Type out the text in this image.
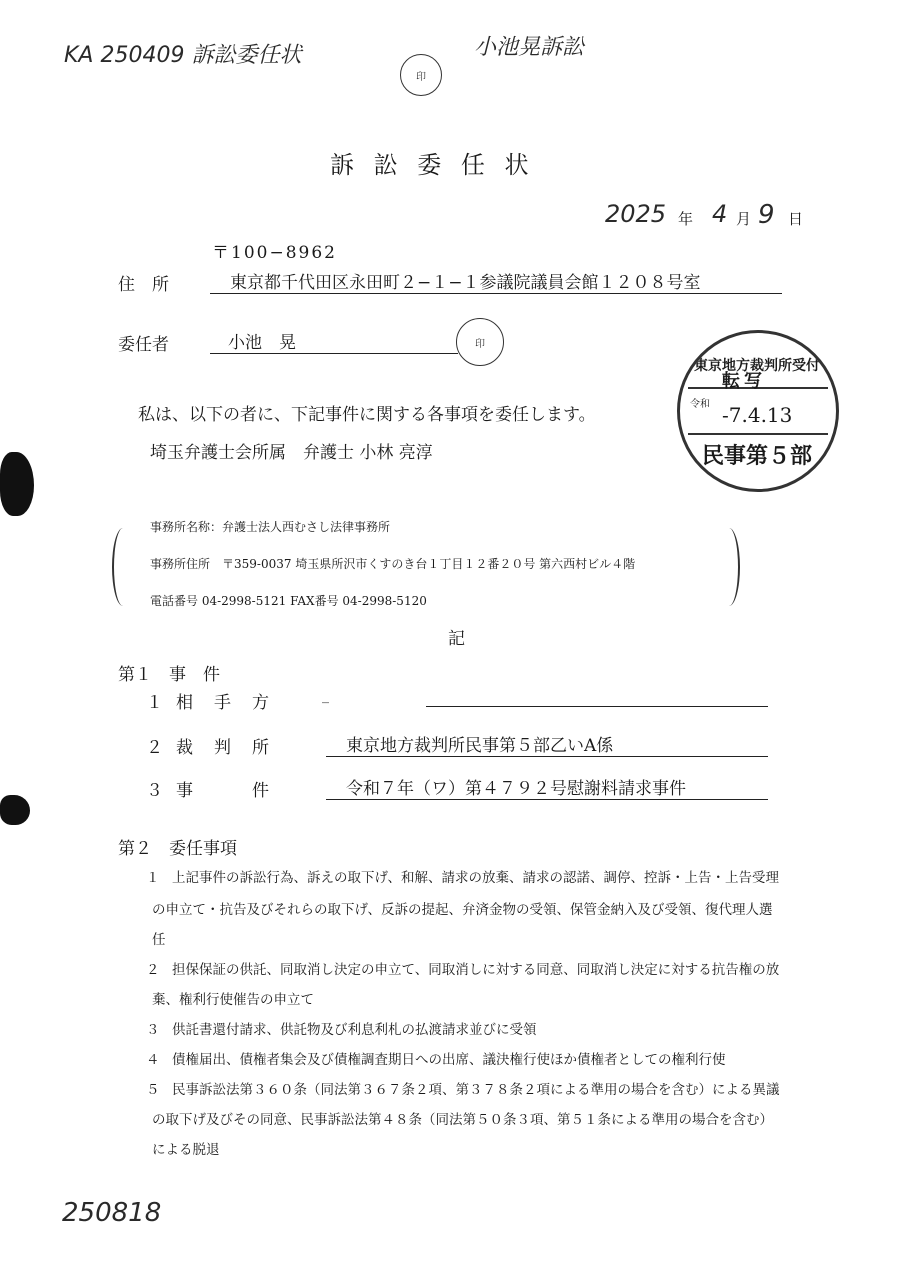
KA 250409 訴訟委任状	小池晃訴訟
印
訴 訟 委 任 状
2025 年 4 月 9 日
〒100−8962
住　所	東京都千代田区永田町２−１−１参議院議員会館１２０８号室
委任者	小池　晃	印
東京地方裁判所受付
令和
転写
-7.4.13
民事第５部
私は、以下の者に、下記事件に関する各事項を委任します。
埼玉弁護士会所属　弁護士 小林 亮淳
事務所名称：弁護士法人西むさし法律事務所
事務所住所　〒359-0037 埼玉県所沢市くすのき台１丁目１２番２０号 第六西村ビル４階
電話番号 04-2998-5121 FAX番号 04-2998-5120
記
第１　事　件
１ 相　手　方	_
２ 裁　判　所	東京地方裁判所民事第５部乙いA係
３ 事　　　件	令和７年（ワ）第４７９２号慰謝料請求事件
第２　委任事項
１ 上記事件の訴訟行為、訴えの取下げ、和解、請求の放棄、請求の認諾、調停、控訴・上告・上告受理
の申立て・抗告及びそれらの取下げ、反訴の提起、弁済金物の受領、保管金納入及び受領、復代理人選
任
２ 担保保証の供託、同取消し決定の申立て、同取消しに対する同意、同取消し決定に対する抗告権の放
棄、権利行使催告の申立て
３ 供託書還付請求、供託物及び利息利札の払渡請求並びに受領
４ 債権届出、債権者集会及び債権調査期日への出席、議決権行使ほか債権者としての権利行使
５ 民事訴訟法第３６０条（同法第３６７条２項、第３７８条２項による準用の場合を含む）による異議
の取下げ及びその同意、民事訴訟法第４８条（同法第５０条３項、第５１条による準用の場合を含む）
による脱退
250818
